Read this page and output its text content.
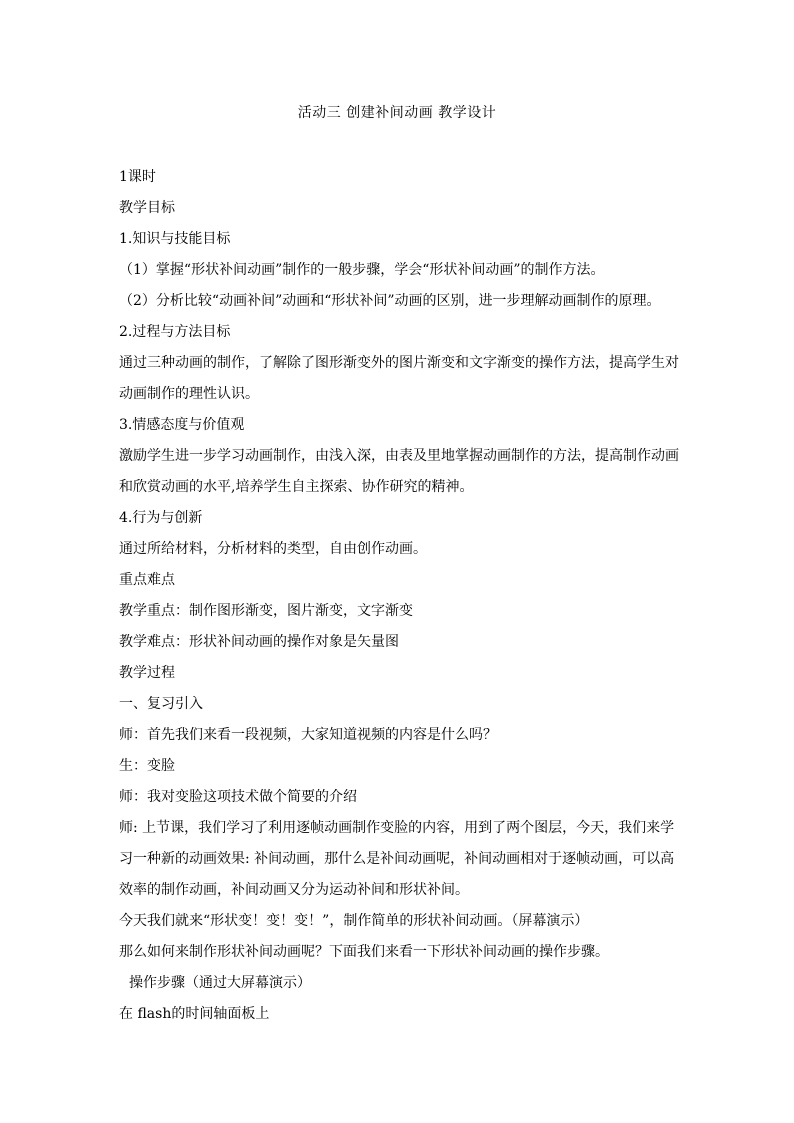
活动三 创建补间动画 教学设计

1课时

教学目标

1.知识与技能目标

（1）掌握“形状补间动画”制作的一般步骤，学会“形状补间动画”的制作方法。

（2）分析比较“动画补间”动画和“形状补间”动画的区别，进一步理解动画制作的原理。

2.过程与方法目标

通过三种动画的制作，了解除了图形渐变外的图片渐变和文字渐变的操作方法，提高学生对

动画制作的理性认识。

3.情感态度与价值观

激励学生进一步学习动画制作，由浅入深，由表及里地掌握动画制作的方法，提高制作动画

和欣赏动画的水平,培养学生自主探索、协作研究的精神。

4.行为与创新

通过所给材料，分析材料的类型，自由创作动画。

重点难点

教学重点：制作图形渐变，图片渐变，文字渐变

教学难点：形状补间动画的操作对象是矢量图

教学过程

一、复习引入

师：首先我们来看一段视频，大家知道视频的内容是什么吗？

生：变脸

师：我对变脸这项技术做个简要的介绍

师: 上节课，我们学习了利用逐帧动画制作变脸的内容，用到了两个图层，今天，我们来学

习一种新的动画效果: 补间动画，那什么是补间动画呢，补间动画相对于逐帧动画，可以高

效率的制作动画，补间动画又分为运动补间和形状补间。

今天我们就来“形状变！变！变！”，制作简单的形状补间动画。（屏幕演示）

那么如何来制作形状补间动画呢？下面我们来看一下形状补间动画的操作步骤。

操作步骤（通过大屏幕演示）

在 flash的时间轴面板上
